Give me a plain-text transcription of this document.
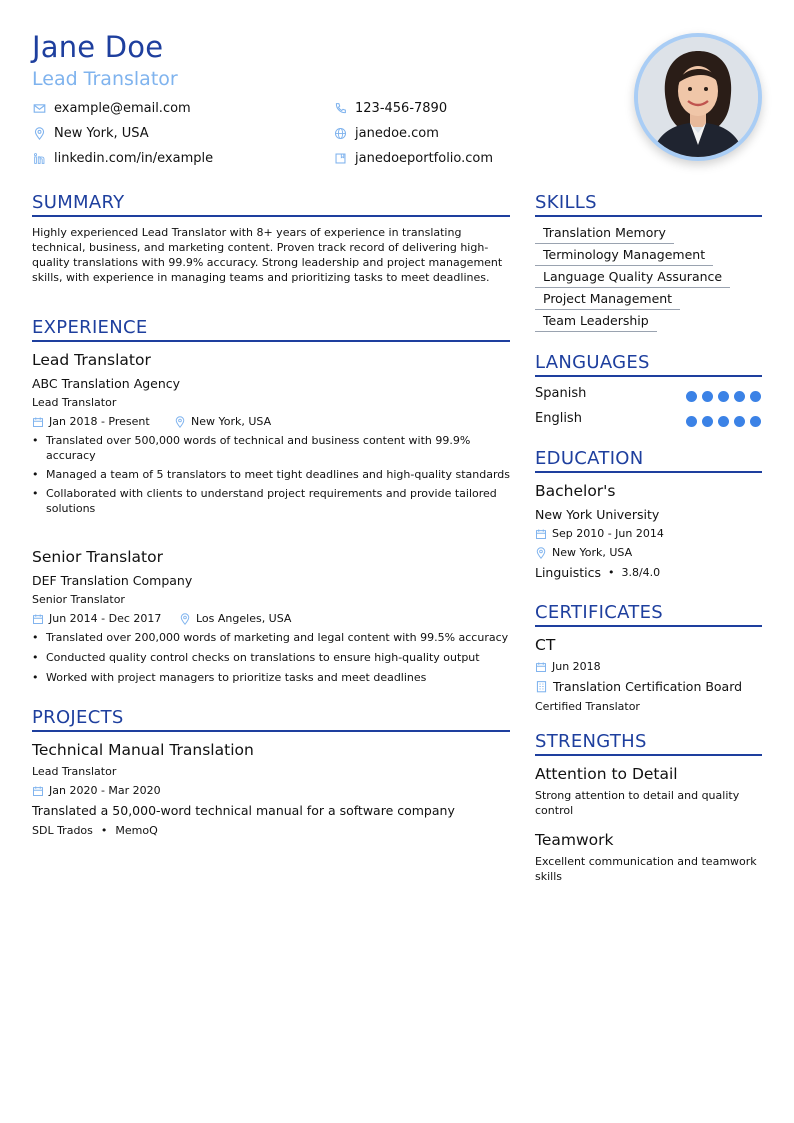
Jane Doe
Lead Translator
example@email.com	123-456-7890
New York, USA	janedoe.com
linkedin.com/in/example	janedoeportfolio.com
SUMMARY
Highly experienced Lead Translator with 8+ years of experience in translating technical, business, and marketing content. Proven track record of delivering high-quality translations with 99.9% accuracy. Strong leadership and project management skills, with experience in managing teams and prioritizing tasks to meet deadlines.
EXPERIENCE
Lead Translator
ABC Translation Agency
Lead Translator
Jan 2018 - Present	New York, USA
• Translated over 500,000 words of technical and business content with 99.9% accuracy
• Managed a team of 5 translators to meet tight deadlines and high-quality standards
• Collaborated with clients to understand project requirements and provide tailored solutions
Senior Translator
DEF Translation Company
Senior Translator
Jun 2014 - Dec 2017	Los Angeles, USA
• Translated over 200,000 words of marketing and legal content with 99.5% accuracy
• Conducted quality control checks on translations to ensure high-quality output
• Worked with project managers to prioritize tasks and meet deadlines
PROJECTS
Technical Manual Translation
Lead Translator
Jan 2020 - Mar 2020
Translated a 50,000-word technical manual for a software company
SDL Trados • MemoQ
SKILLS
Translation Memory
Terminology Management
Language Quality Assurance
Project Management
Team Leadership
LANGUAGES
Spanish
English
EDUCATION
Bachelor's
New York University
Sep 2010 - Jun 2014
New York, USA
Linguistics • 3.8/4.0
CERTIFICATES
CT
Jun 2018
Translation Certification Board
Certified Translator
STRENGTHS
Attention to Detail
Strong attention to detail and quality control
Teamwork
Excellent communication and teamwork skills
